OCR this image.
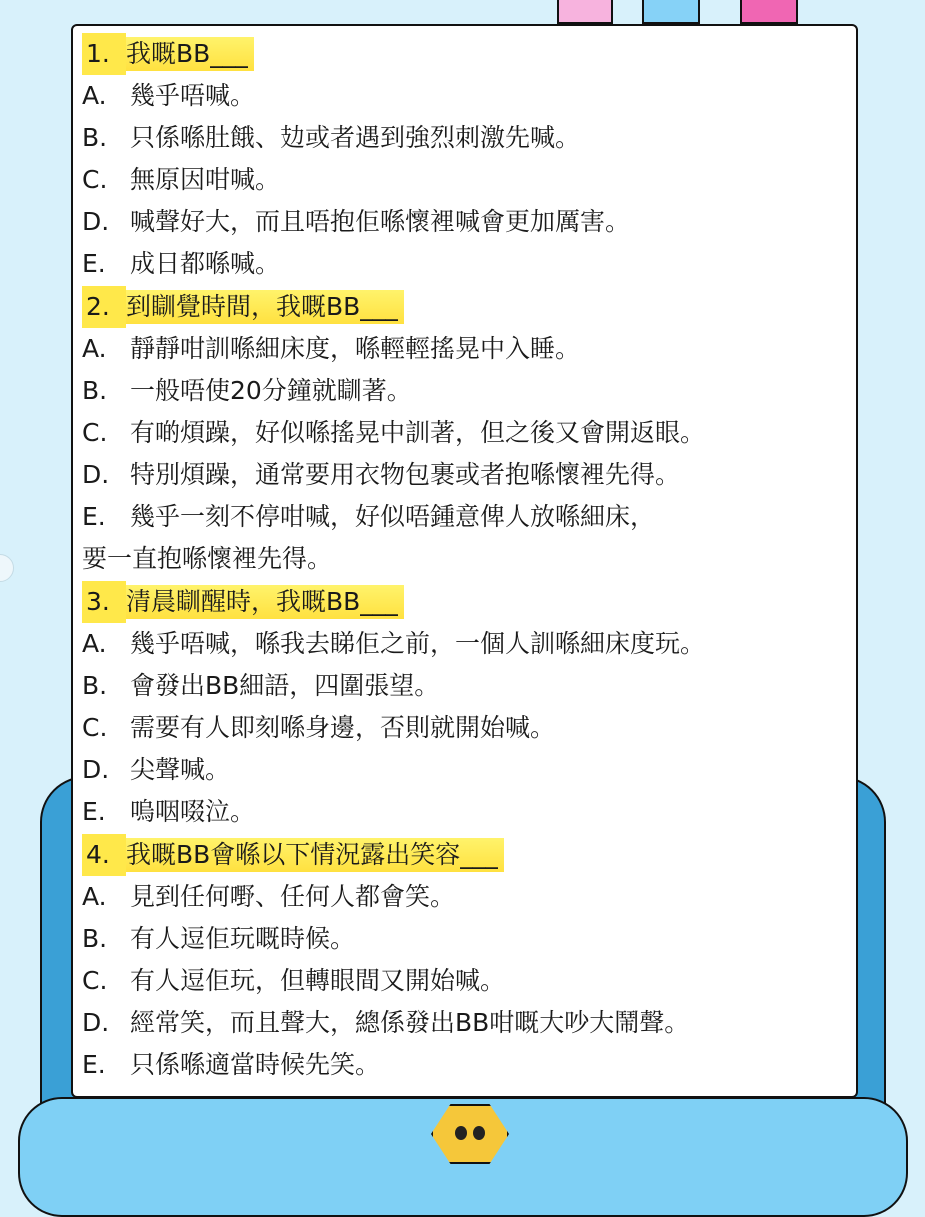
1. 我嘅BB___
A. 幾乎唔喊。
B. 只係喺肚餓、攰或者遇到強烈刺激先喊。
C. 無原因咁喊。
D. 喊聲好大，而且唔抱佢喺懷裡喊會更加厲害。
E. 成日都喺喊。
2. 到瞓覺時間，我嘅BB___
A. 靜靜咁訓喺細床度，喺輕輕搖晃中入睡。
B. 一般唔使20分鐘就瞓著。
C. 有啲煩躁，好似喺搖晃中訓著，但之後又會開返眼。
D. 特別煩躁，通常要用衣物包裹或者抱喺懷裡先得。
E. 幾乎一刻不停咁喊，好似唔鍾意俾人放喺細床，
要一直抱喺懷裡先得。
3. 清晨瞓醒時，我嘅BB___
A. 幾乎唔喊，喺我去睇佢之前，一個人訓喺細床度玩。
B. 會發出BB細語，四圍張望。
C. 需要有人即刻喺身邊，否則就開始喊。
D. 尖聲喊。
E. 嗚咽啜泣。
4. 我嘅BB會喺以下情況露出笑容___
A. 見到任何嘢、任何人都會笑。
B. 有人逗佢玩嘅時候。
C. 有人逗佢玩，但轉眼間又開始喊。
D. 經常笑，而且聲大，總係發出BB咁嘅大吵大鬧聲。
E. 只係喺適當時候先笑。
